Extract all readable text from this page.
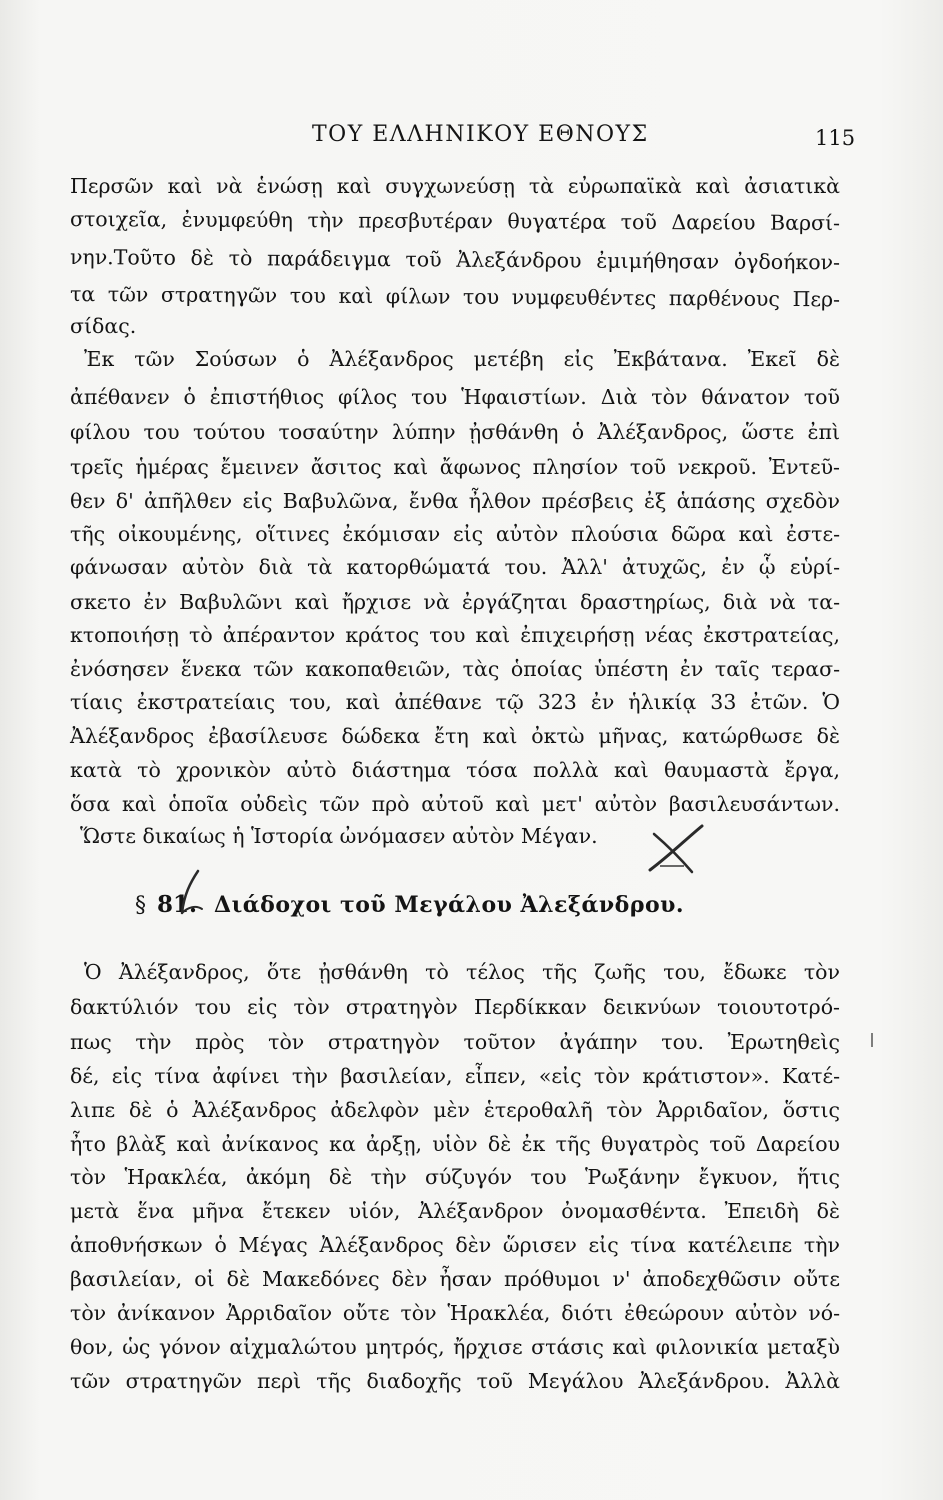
ΤΟΥ ΕΛΛΗΝΙΚΟΥ ΕΘΝΟΥΣ	115
Περσῶν καὶ νὰ ἑνώσῃ καὶ συγχωνεύσῃ τὰ εὐρωπαϊκὰ καὶ ἀσιατικὰ
στοιχεῖα, ἐνυμφεύθη τὴν πρεσβυτέραν θυγατέρα τοῦ Δαρείου Βαρσί-
νην.Τοῦτο δὲ τὸ παράδειγμα τοῦ Ἀλεξάνδρου ἐμιμήθησαν ὀγδοήκον-
τα τῶν στρατηγῶν του καὶ φίλων του νυμφευθέντες παρθένους Περ-
σίδας.
Ἐκ τῶν Σούσων ὁ Ἀλέξανδρος μετέβη εἰς Ἐκβάτανα. Ἐκεῖ δὲ
ἀπέθανεν ὁ ἐπιστήθιος φίλος του Ἡφαιστίων. Διὰ τὸν θάνατον τοῦ
φίλου του τούτου τοσαύτην λύπην ᾐσθάνθη ὁ Ἀλέξανδρος, ὥστε ἐπὶ
τρεῖς ἡμέρας ἔμεινεν ἄσιτος καὶ ἄφωνος πλησίον τοῦ νεκροῦ. Ἐντεῦ-
θεν δ' ἀπῆλθεν εἰς Βαβυλῶνα, ἔνθα ἦλθον πρέσβεις ἐξ ἁπάσης σχεδὸν
τῆς οἰκουμένης, οἵτινες ἐκόμισαν εἰς αὐτὸν πλούσια δῶρα καὶ ἐστε-
φάνωσαν αὐτὸν διὰ τὰ κατορθώματά του. Ἀλλ' ἀτυχῶς, ἐν ᾧ εὑρί-
σκετο ἐν Βαβυλῶνι καὶ ἤρχισε νὰ ἐργάζηται δραστηρίως, διὰ νὰ τα-
κτοποιήσῃ τὸ ἀπέραντον κράτος του καὶ ἐπιχειρήσῃ νέας ἐκστρατείας,
ἐνόσησεν ἕνεκα τῶν κακοπαθειῶν, τὰς ὁποίας ὑπέστη ἐν ταῖς τερασ-
τίαις ἐκστρατείαις του, καὶ ἀπέθανε τῷ 323 ἐν ἡλικίᾳ 33 ἐτῶν. Ὁ
Ἀλέξανδρος ἐβασίλευσε δώδεκα ἔτη καὶ ὀκτὼ μῆνας, κατώρθωσε δὲ
κατὰ τὸ χρονικὸν αὐτὸ διάστημα τόσα πολλὰ καὶ θαυμαστὰ ἔργα,
ὅσα καὶ ὁποῖα οὐδεὶς τῶν πρὸ αὐτοῦ καὶ μετ' αὐτὸν βασιλευσάντων.
Ὥστε δικαίως ἡ Ἱστορία ὠνόμασεν αὐτὸν Μέγαν.
Ὁ Ἀλέξανδρος, ὅτε ᾐσθάνθη τὸ τέλος τῆς ζωῆς του, ἔδωκε τὸν
δακτύλιόν του εἰς τὸν στρατηγὸν Περδίκκαν δεικνύων τοιουτοτρό-
πως τὴν πρὸς τὸν στρατηγὸν τοῦτον ἀγάπην του. Ἐρωτηθεὶς
δέ, εἰς τίνα ἀφίνει τὴν βασιλείαν, εἶπεν, «εἰς τὸν κράτιστον». Κατέ-
λιπε δὲ ὁ Ἀλέξανδρος ἀδελφὸν μὲν ἑτεροθαλῆ τὸν Ἀρριδαῖον, ὅστις
ἦτο βλὰξ καὶ ἀνίκανος κα ἀρξῃ, υἱὸν δὲ ἐκ τῆς θυγατρὸς τοῦ Δαρείου
τὸν Ἡρακλέα, ἀκόμη δὲ τὴν σύζυγόν του Ῥωξάνην ἔγκυον, ἥτις
μετὰ ἕνα μῆνα ἔτεκεν υἱόν, Ἀλέξανδρον ὀνομασθέντα. Ἐπειδὴ δὲ
ἀποθνήσκων ὁ Μέγας Ἀλέξανδρος δὲν ὥρισεν εἰς τίνα κατέλειπε τὴν
βασιλείαν, οἱ δὲ Μακεδόνες δὲν ἦσαν πρόθυμοι ν' ἀποδεχθῶσιν οὔτε
τὸν ἀνίκανον Ἀρριδαῖον οὔτε τὸν Ἡρακλέα, διότι ἐθεώρουν αὐτὸν νό-
θον, ὡς γόνον αἰχμαλώτου μητρός, ἤρχισε στάσις καὶ φιλονικία μεταξὺ
τῶν στρατηγῶν περὶ τῆς διαδοχῆς τοῦ Μεγάλου Ἀλεξάνδρου. Ἀλλὰ
§ 81. Διάδοχοι τοῦ Μεγάλου Ἀλεξάνδρου.
